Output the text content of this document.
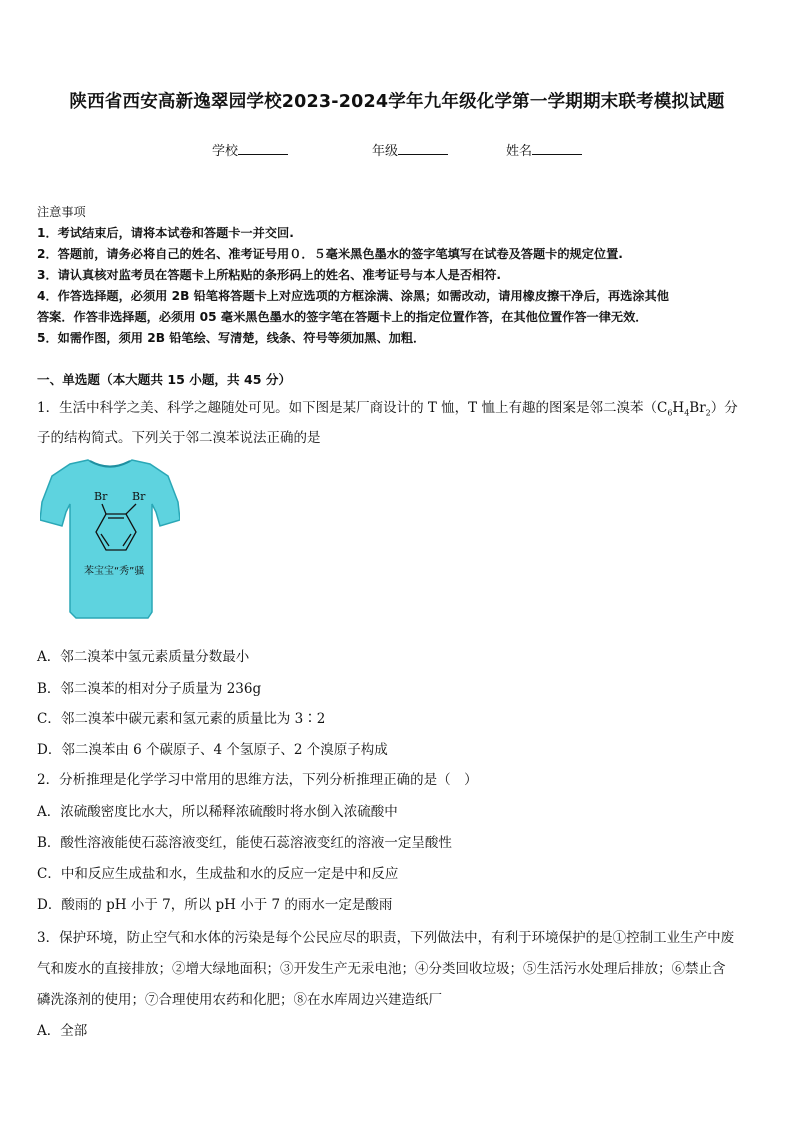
陕西省西安高新逸翠园学校2023-2024学年九年级化学第一学期期末联考模拟试题
学校	年级	姓名
注意事项
1．考试结束后，请将本试卷和答题卡一并交回.
2．答题前，请务必将自己的姓名、准考证号用０．５毫米黑色墨水的签字笔填写在试卷及答题卡的规定位置.
3．请认真核对监考员在答题卡上所粘贴的条形码上的姓名、准考证号与本人是否相符.
4．作答选择题，必须用 2B 铅笔将答题卡上对应选项的方框涂满、涂黑；如需改动，请用橡皮擦干净后，再选涂其他
答案．作答非选择题，必须用 05 毫米黑色墨水的签字笔在答题卡上的指定位置作答，在其他位置作答一律无效．
5．如需作图，须用 2B 铅笔绘、写清楚，线条、符号等须加黑、加粗．
一、单选题（本大题共 15 小题，共 45 分）
1．生活中科学之美、科学之趣随处可见。如下图是某厂商设计的 T 恤，T 恤上有趣的图案是邻二溴苯$(C_6H_4Br_2)$分
子的结构简式。下列关于邻二溴苯说法正确的是
Br Br
苯宝宝“秀”骚
A．邻二溴苯中氢元素质量分数最小
B．邻二溴苯的相对分子质量为 236g
C．邻二溴苯中碳元素和氢元素的质量比为 3∶2
D．邻二溴苯由 6 个碳原子、4 个氢原子、2 个溴原子构成
2．分析推理是化学学习中常用的思维方法，下列分析推理正确的是（　）
A．浓硫酸密度比水大，所以稀释浓硫酸时将水倒入浓硫酸中
B．酸性溶液能使石蕊溶液变红，能使石蕊溶液变红的溶液一定呈酸性
C．中和反应生成盐和水，生成盐和水的反应一定是中和反应
D．酸雨的 pH 小于 7，所以 pH 小于 7 的雨水一定是酸雨
3．保护环境，防止空气和水体的污染是每个公民应尽的职责，下列做法中，有利于环境保护的是①控制工业生产中废
气和废水的直接排放；②增大绿地面积；③开发生产无汞电池；④分类回收垃圾；⑤生活污水处理后排放；⑥禁止含
磷洗涤剂的使用；⑦合理使用农药和化肥；⑧在水库周边兴建造纸厂
A．全部
